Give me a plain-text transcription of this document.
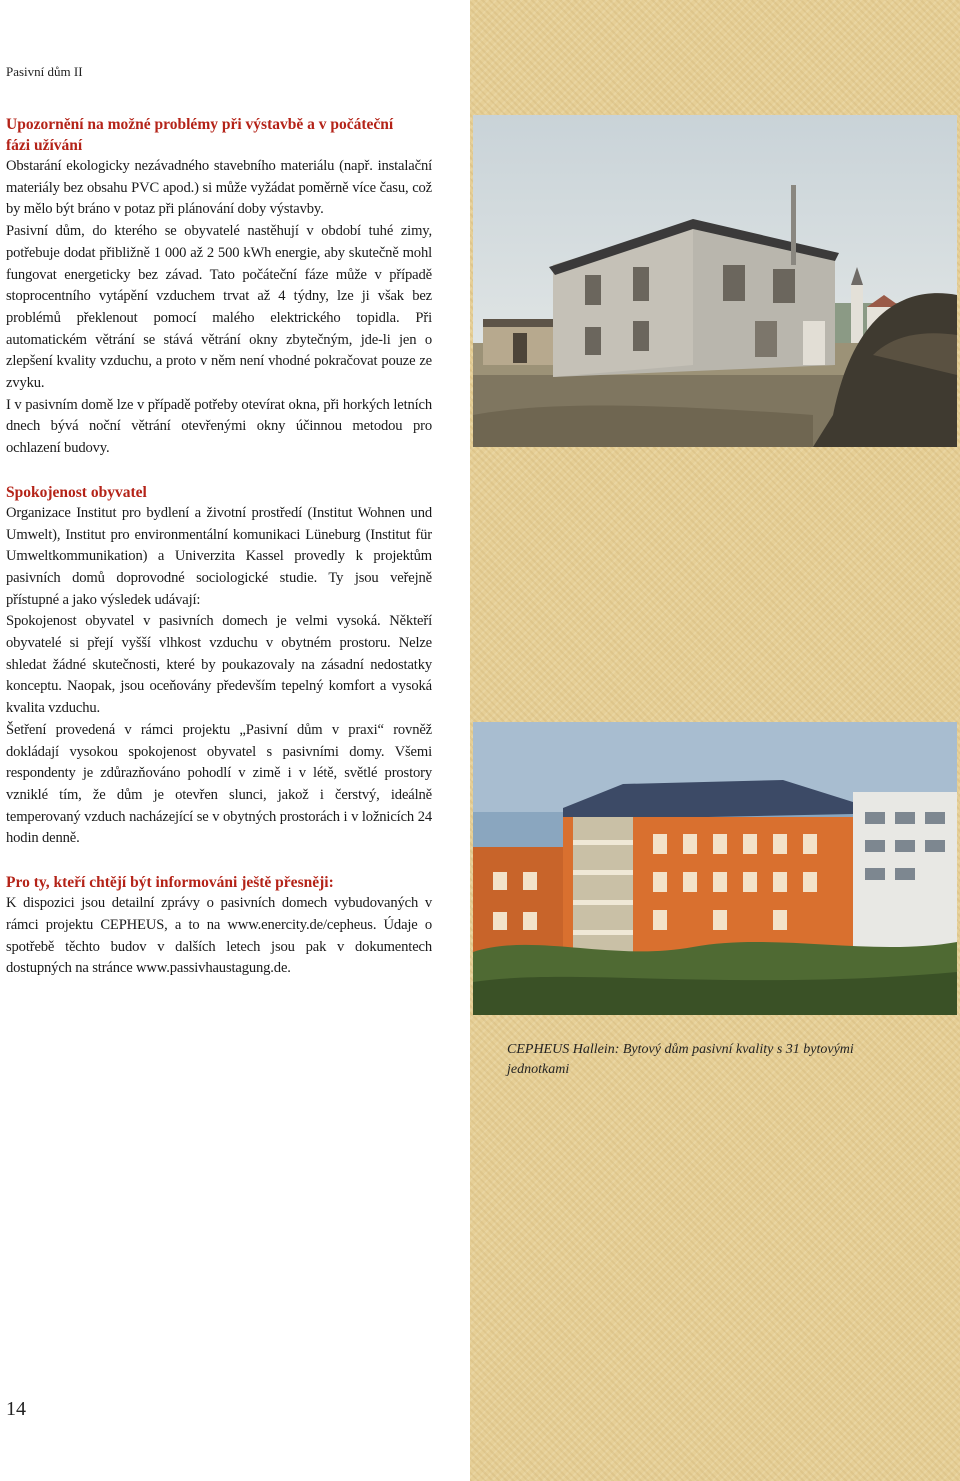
Pasivní dům II
Upozornění na možné problémy při výstavbě a v počáteční
fázi užívání

Obstarání ekologicky nezávadného stavebního materiálu (např. instalační materiály bez obsahu PVC apod.) si může vyžádat poměrně více času, což by mělo být bráno v potaz při plánování doby výstavby.

Pasivní dům, do kterého se obyvatelé nastěhují v období tuhé zimy, potřebuje dodat přibližně 1 000 až 2 500 kWh energie, aby skutečně mohl fungovat energeticky bez závad. Tato počáteční fáze může v případě stoprocentního vytápění vzduchem trvat až 4 týdny, lze ji však bez problémů překlenout pomocí malého elektrického topidla. Při automatickém větrání se stává větrání okny zbytečným, jde-li jen o zlepšení kvality vzduchu, a proto v něm není vhodné pokračovat pouze ze zvyku.

I v pasivním domě lze v případě potřeby otevírat okna, při horkých letních dnech bývá noční větrání otevřenými okny účinnou metodou pro ochlazení budovy.

Spokojenost obyvatel

Organizace Institut pro bydlení a životní prostředí (Institut Wohnen und Umwelt), Institut pro environmentální komunikaci Lüneburg (Institut für Umweltkommunikation) a Univerzita Kassel provedly k projektům pasivních domů doprovodné sociologické studie. Ty jsou veřejně přístupné a jako výsledek udávají:

Spokojenost obyvatel v pasivních domech je velmi vysoká. Někteří obyvatelé si přejí vyšší vlhkost vzduchu v obytném prostoru. Nelze shledat žádné skutečnosti, které by poukazovaly na zásadní nedostatky konceptu. Naopak, jsou oceňovány především tepelný komfort a vysoká kvalita vzduchu.

Šetření provedená v rámci projektu „Pasivní dům v praxi“ rovněž dokládají vysokou spokojenost obyvatel s pasivními domy. Všemi respondenty je zdůrazňováno pohodlí v zimě i v létě, světlé prostory vzniklé tím, že dům je otevřen slunci, jakož i čerstvý, ideálně temperovaný vzduch nacházející se v obytných prostorách i v ložnicích 24 hodin denně.

Pro ty, kteří chtějí být informováni ještě přesněji:

K dispozici jsou detailní zprávy o pasivních domech vybudovaných v rámci projektu CEPHEUS, a to na www.enercity.de/cepheus. Údaje o spotřebě těchto budov v dalších letech jsou pak v dokumentech dostupných na stránce www.passivhaustagung.de.

CEPHEUS Hallein: Bytový dům pasivní kvality s 31 bytovými jednotkami
14
